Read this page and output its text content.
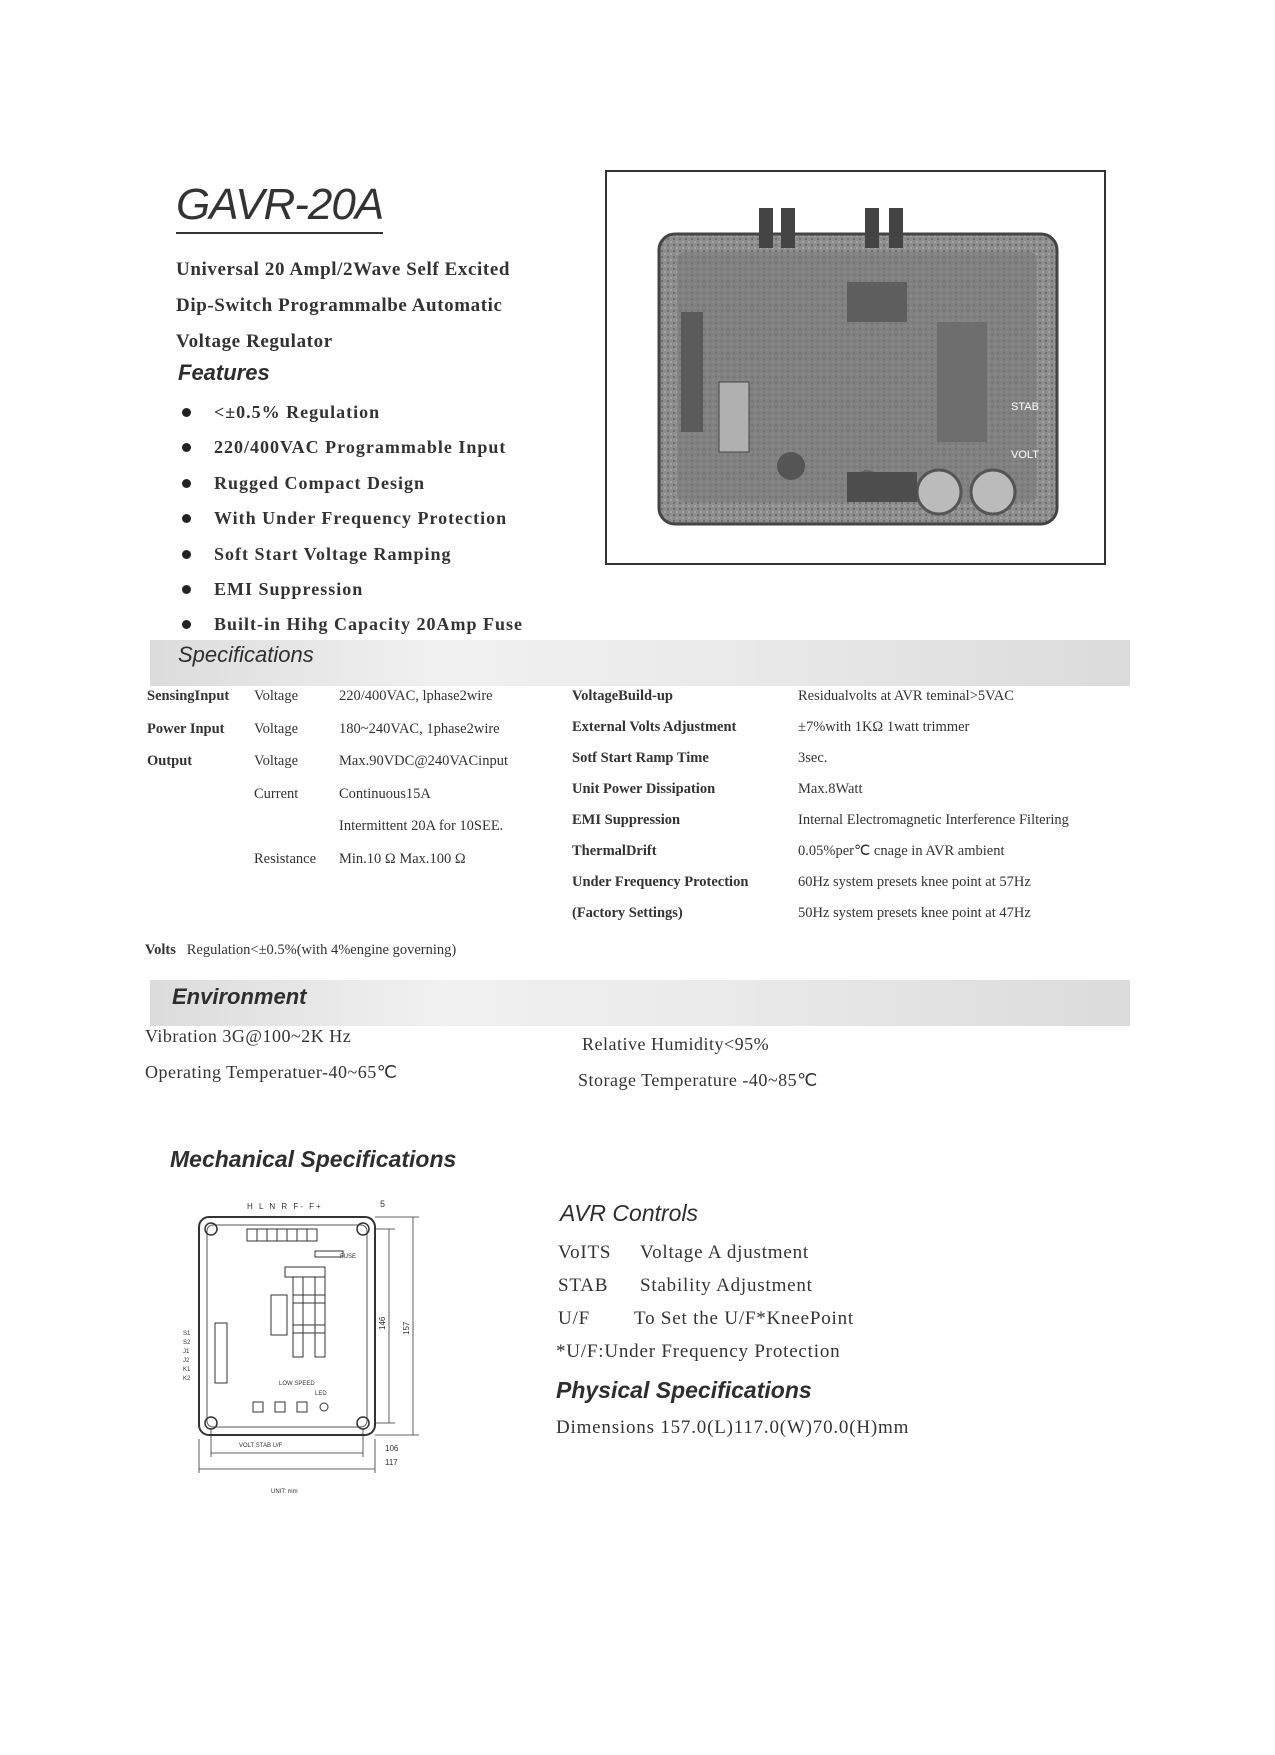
GAVR-20A
Universal 20 Ampl/2Wave Self Excited
Dip-Switch Programmalbe Automatic
Voltage Regulator
Features
<±0.5% Regulation
220/400VAC Programmable Input
Rugged Compact Design
With Under Frequency Protection
Soft Start Voltage Ramping
EMI Suppression
Built-in Hihg Capacity 20Amp Fuse
STAB
VOLT
Specifications
SensingInput Voltage	220/400VAC, lphase2wire
Power Input Voltage	180~240VAC, 1phase2wire
Output	Voltage	Max.90VDC@240VACinput
Current	Continuous15A
Intermittent 20A for 10SEE.
Resistance Min.10 Ω Max.100 Ω
VoltageBuild-up	Residualvolts at AVR teminal>5VAC
External Volts Adjustment	±7%with 1KΩ 1watt trimmer
Sotf Start Ramp Time	3sec.
Unit Power Dissipation	Max.8Watt
EMI Suppression	Internal Electromagnetic Interference Filtering
ThermalDrift	0.05%per℃ cnage in AVR ambient
Under Frequency Protection	60Hz system presets knee point at 57Hz
(Factory Settings)	50Hz system presets knee point at 47Hz
Volts Regulation<±0.5%(with 4%engine governing)
Environment
Vibration 3G@100~2K Hz
Operating Temperatuer-40~65℃
Relative Humidity<95%
Storage Temperature -40~85℃
Mechanical Specifications
H L N R F- F+	5
FUSE
S1
S2
J1
J2
K1
K2
LOW SPEED
LED
VOLT STAB U/F
146 157
106
117
UNIT: mm
AVR Controls
VoITS Voltage A djustment
STAB Stability Adjustment
U/F To Set the U/F*KneePoint
*U/F:Under Frequency Protection
Physical Specifications
Dimensions 157.0(L)117.0(W)70.0(H)mm
